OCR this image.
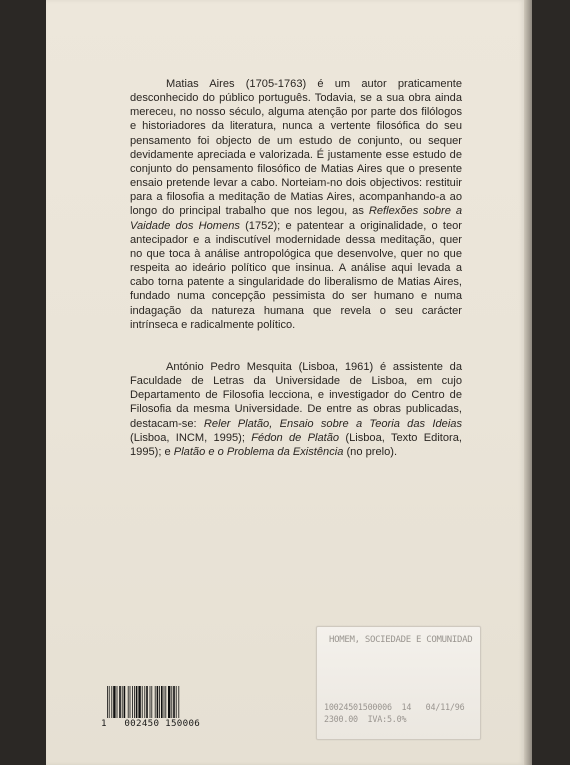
Matias Aires (1705-1763) é um autor praticamente desconhecido do público português. Todavia, se a sua obra ainda mereceu, no nosso século, alguma atenção por parte dos filólogos e historiadores da literatura, nunca a vertente filosófica do seu pensamento foi objecto de um estudo de conjunto, ou sequer devidamente apreciada e valorizada. É justamente esse estudo de conjunto do pensamento filosófico de Matias Aires que o presente ensaio pretende levar a cabo. Norteiam-no dois objectivos: restituir para a filosofia a meditação de Matias Aires, acompanhando-a ao longo do principal trabalho que nos legou, as Reflexões sobre a Vaidade dos Homens (1752); e patentear a originalidade, o teor antecipador e a indiscutível modernidade dessa meditação, quer no que toca à análise antropológica que desenvolve, quer no que respeita ao ideário político que insinua. A análise aqui levada a cabo torna patente a singularidade do liberalismo de Matias Aires, fundado numa concepção pessimista do ser humano e numa indagação da natureza humana que revela o seu carácter intrínseca e radicalmente político.

António Pedro Mesquita (Lisboa, 1961) é assistente da Faculdade de Letras da Universidade de Lisboa, em cujo Departamento de Filosofia lecciona, e investigador do Centro de Filosofia da mesma Universidade. De entre as obras publicadas, destacam-se: Reler Platão, Ensaio sobre a Teoria das Ideias (Lisboa, INCM, 1995); Fédon de Platão (Lisboa, Texto Editora, 1995); e Platão e o Problema da Existência (no prelo).

1   002450 150006
HOMEM, SOCIEDADE E COMUNIDAD
10024501500006  14   04/11/96
2300.00  IVA:5.0%
